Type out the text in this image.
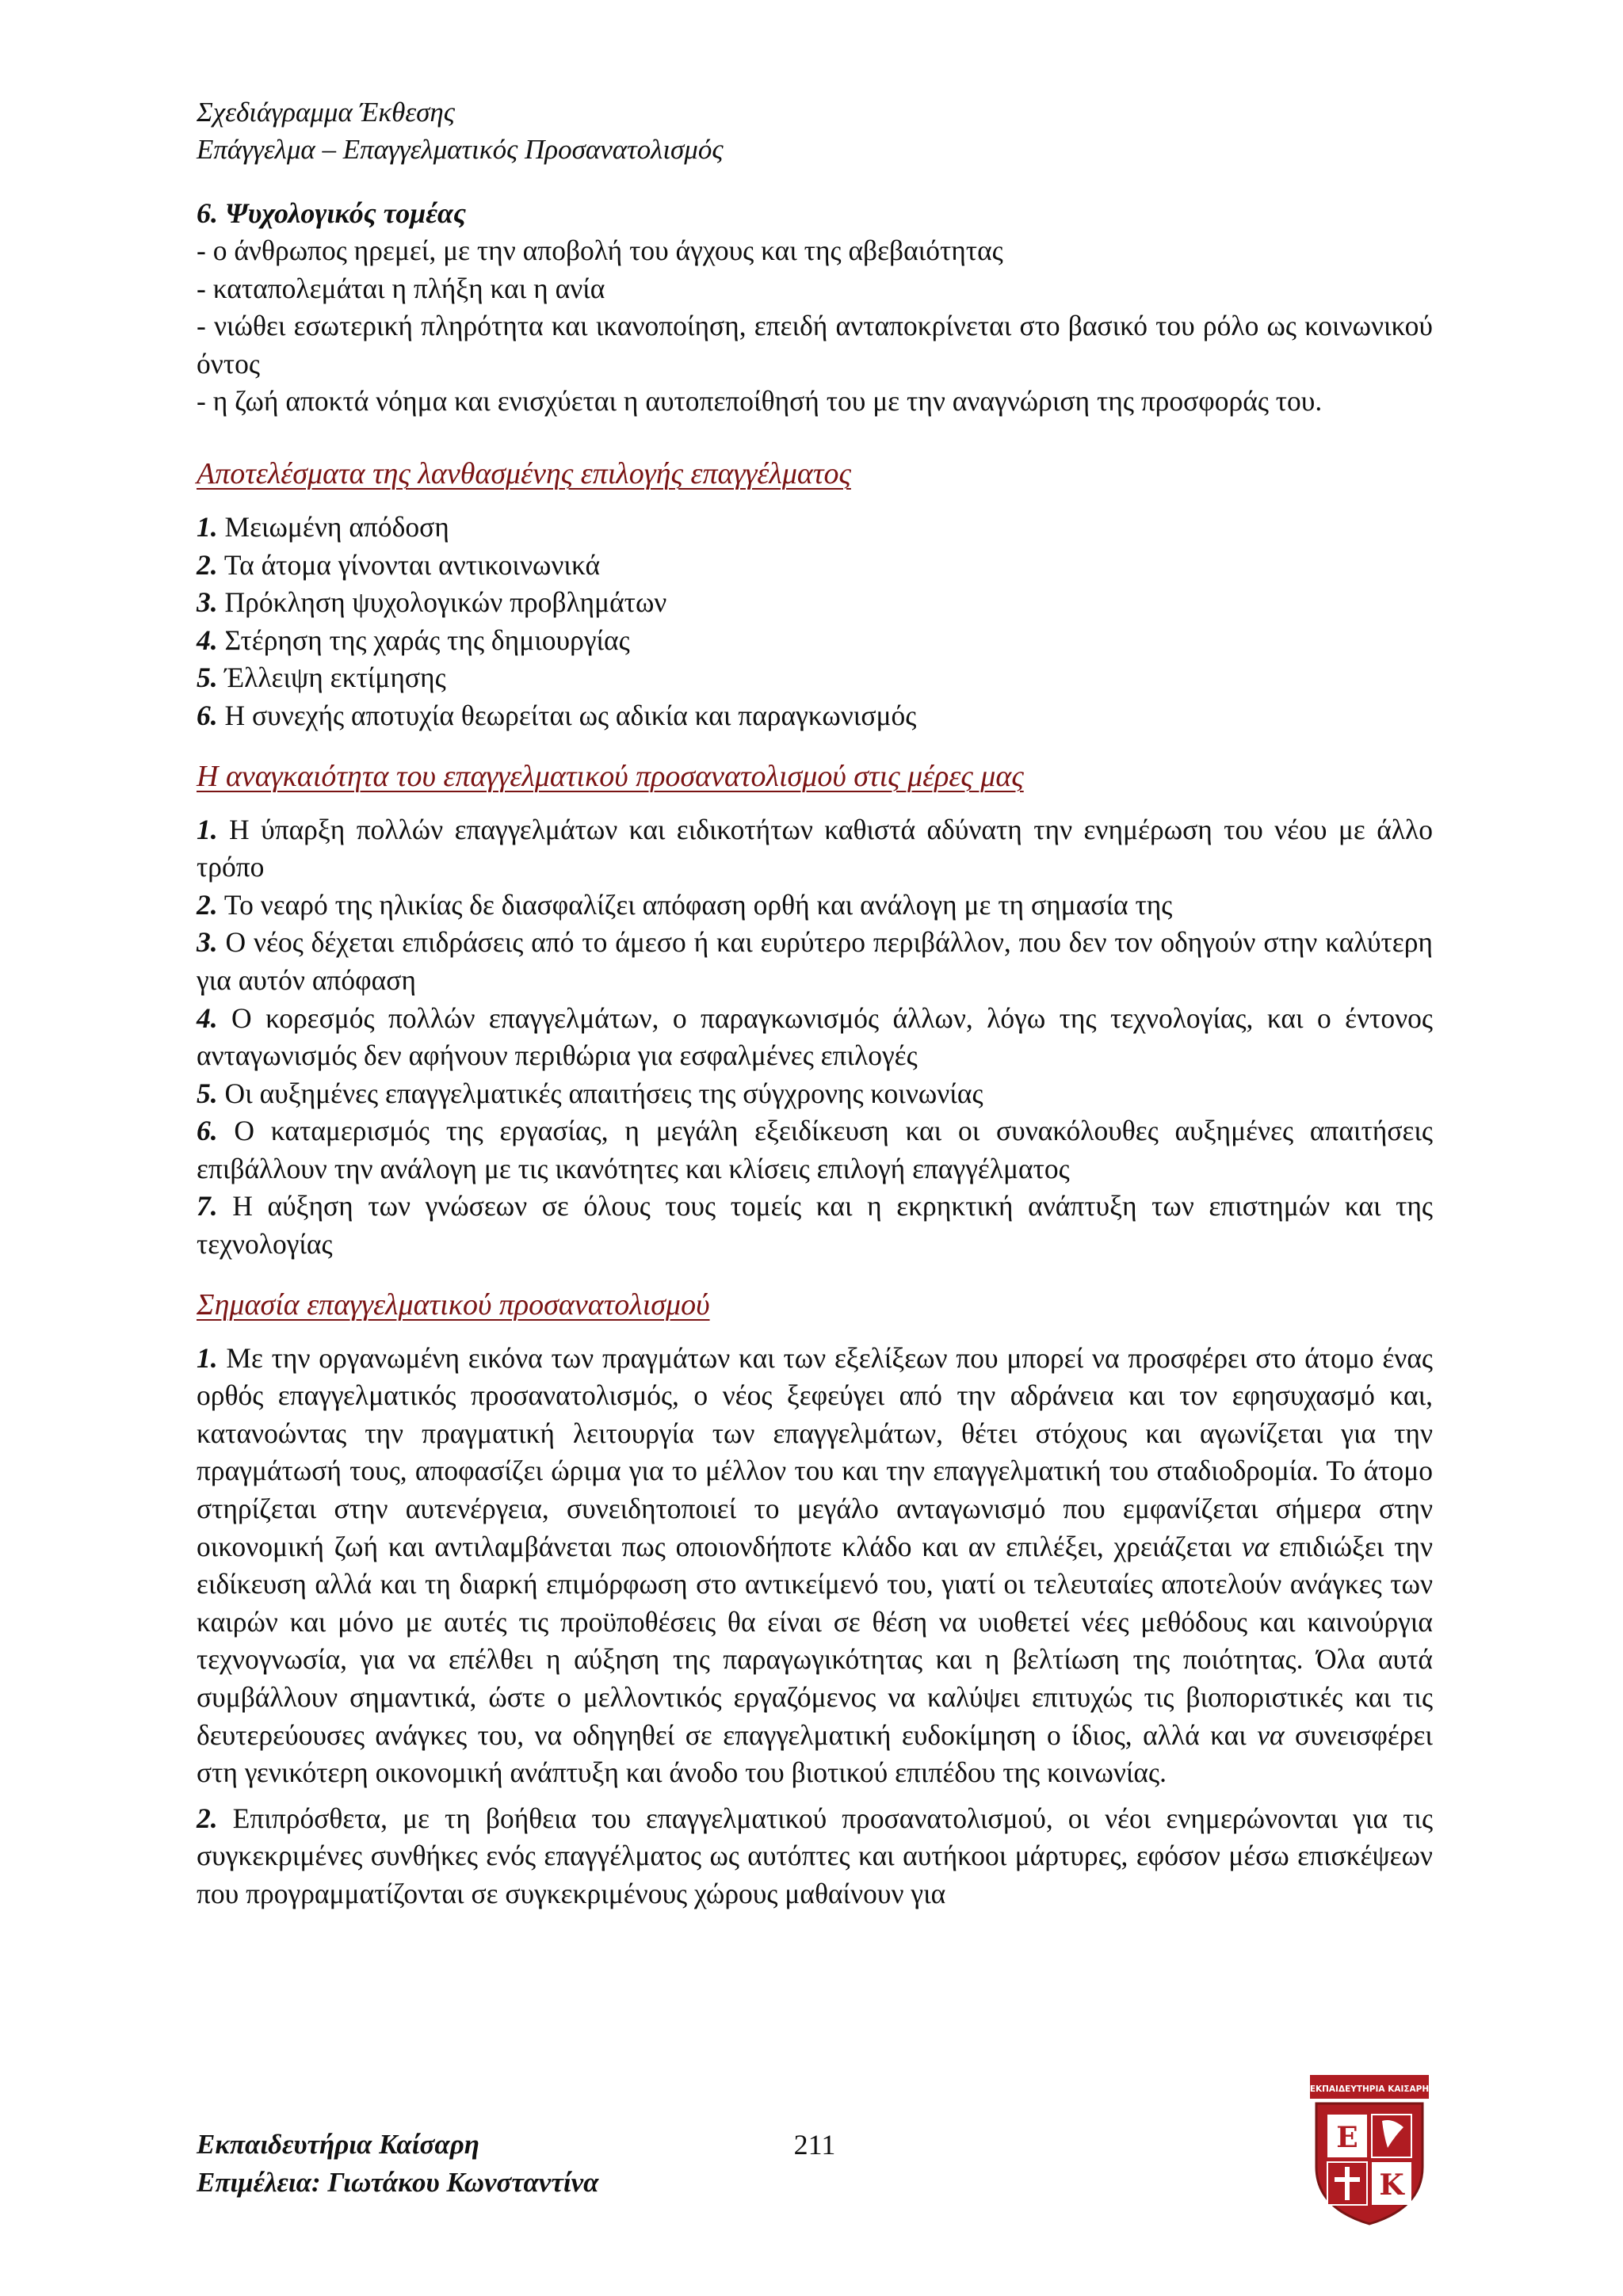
Σχεδιάγραμμα Έκθεσης
Επάγγελμα – Επαγγελματικός Προσανατολισμός

6. Ψυχολογικός τομέας

- ο άνθρωπος ηρεμεί, με την αποβολή του άγχους και της αβεβαιότητας

- καταπολεμάται η πλήξη και η ανία

- νιώθει εσωτερική πληρότητα και ικανοποίηση, επειδή ανταποκρίνεται στο βασικό του ρόλο ως κοινωνικού όντος

- η ζωή αποκτά νόημα και ενισχύεται η αυτοπεποίθησή του με την αναγνώριση της προσφοράς του.

Αποτελέσματα της λανθασμένης επιλογής επαγγέλματος

1. Μειωμένη απόδοση

2. Τα άτομα γίνονται αντικοινωνικά

3. Πρόκληση ψυχολογικών προβλημάτων

4. Στέρηση της χαράς της δημιουργίας

5. Έλλειψη εκτίμησης

6. Η συνεχής αποτυχία θεωρείται ως αδικία και παραγκωνισμός

Η αναγκαιότητα του επαγγελματικού προσανατολισμού στις μέρες μας

1. Η ύπαρξη πολλών επαγγελμάτων και ειδικοτήτων καθιστά αδύνατη την ενημέρωση του νέου με άλλο τρόπο

2. Το νεαρό της ηλικίας δε διασφαλίζει απόφαση ορθή και ανάλογη με τη σημασία της

3. Ο νέος δέχεται επιδράσεις από το άμεσο ή και ευρύτερο περιβάλλον, που δεν τον οδηγούν στην καλύτερη για αυτόν απόφαση

4. Ο κορεσμός πολλών επαγγελμάτων, ο παραγκωνισμός άλλων, λόγω της τεχνολογίας, και ο έντονος ανταγωνισμός δεν αφήνουν περιθώρια για εσφαλμένες επιλογές

5. Οι αυξημένες επαγγελματικές απαιτήσεις της σύγχρονης κοινωνίας

6. Ο καταμερισμός της εργασίας, η μεγάλη εξειδίκευση και οι συνακόλουθες αυξημένες απαιτήσεις επιβάλλουν την ανάλογη με τις ικανότητες και κλίσεις επιλογή επαγγέλματος

7. Η αύξηση των γνώσεων σε όλους τους τομείς και η εκρηκτική ανάπτυξη των επιστημών και της τεχνολογίας

Σημασία επαγγελματικού προσανατολισμού

1. Με την οργανωμένη εικόνα των πραγμάτων και των εξελίξεων που μπορεί να προσφέρει στο άτομο ένας ορθός επαγγελματικός προσανατολισμός, ο νέος ξεφεύγει από την αδράνεια και τον εφησυχασμό και, κατανοώντας την πραγματική λειτουργία των επαγγελμάτων, θέτει στόχους και αγωνίζεται για την πραγμάτωσή τους, αποφασίζει ώριμα για το μέλλον του και την επαγγελματική του σταδιοδρομία. Το άτομο στηρίζεται στην αυτενέργεια, συνειδητοποιεί το μεγάλο ανταγωνισμό που εμφανίζεται σήμερα στην οικονομική ζωή και αντιλαμβάνεται πως οποιονδήποτε κλάδο και αν επιλέξει, χρειάζεται να επιδιώξει την ειδίκευση αλλά και τη διαρκή επιμόρφωση στο αντικείμενό του, γιατί οι τελευταίες αποτελούν ανάγκες των καιρών και μόνο με αυτές τις προϋποθέσεις θα είναι σε θέση να υιοθετεί νέες μεθόδους και καινούργια τεχνογνωσία, για να επέλθει η αύξηση της παραγωγικότητας και η βελτίωση της ποιότητας. Όλα αυτά συμβάλλουν σημαντικά, ώστε ο μελλοντικός εργαζόμενος να καλύψει επιτυχώς τις βιοποριστικές και τις δευτερεύουσες ανάγκες του, να οδηγηθεί σε επαγγελματική ευδοκίμηση ο ίδιος, αλλά και να συνεισφέρει στη γενικότερη οικονομική ανάπτυξη και άνοδο του βιοτικού επιπέδου της κοινωνίας.

2. Επιπρόσθετα, με τη βοήθεια του επαγγελματικού προσανατολισμού, οι νέοι ενημερώνονται για τις συγκεκριμένες συνθήκες ενός επαγγέλματος ως αυτόπτες και αυτήκοοι μάρτυρες, εφόσον μέσω επισκέψεων που προγραμματίζονται σε συγκεκριμένους χώρους μαθαίνουν για

Εκπαιδευτήρια Καίσαρη
Επιμέλεια: Γιωτάκου Κωνσταντίνα
211
ΕΚΠΑΙΔΕΥΤΗΡΙΑ ΚΑΙΣΑΡΗ
Ε
Κ
